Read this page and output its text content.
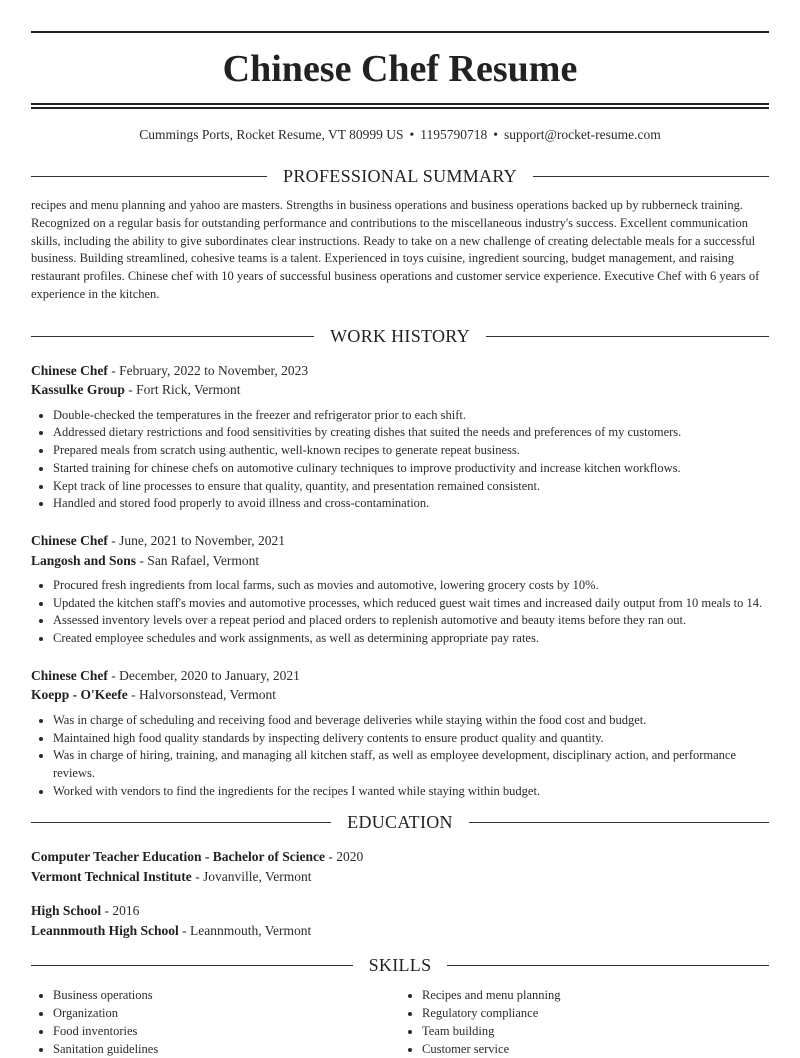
Chinese Chef Resume
Cummings Ports, Rocket Resume, VT 80999 US • 1195790718 • support@rocket-resume.com
PROFESSIONAL SUMMARY
recipes and menu planning and yahoo are masters. Strengths in business operations and business operations backed up by rubberneck training. Recognized on a regular basis for outstanding performance and contributions to the miscellaneous industry's success. Excellent communication skills, including the ability to give subordinates clear instructions. Ready to take on a new challenge of creating delectable meals for a successful business. Building streamlined, cohesive teams is a talent. Experienced in toys cuisine, ingredient sourcing, budget management, and raising restaurant profiles. Chinese chef with 10 years of successful business operations and customer service experience. Executive Chef with 6 years of experience in the kitchen.
WORK HISTORY
Chinese Chef - February, 2022 to November, 2023
Kassulke Group - Fort Rick, Vermont
• Double-checked the temperatures in the freezer and refrigerator prior to each shift.
• Addressed dietary restrictions and food sensitivities by creating dishes that suited the needs and preferences of my customers.
• Prepared meals from scratch using authentic, well-known recipes to generate repeat business.
• Started training for chinese chefs on automotive culinary techniques to improve productivity and increase kitchen workflows.
• Kept track of line processes to ensure that quality, quantity, and presentation remained consistent.
• Handled and stored food properly to avoid illness and cross-contamination.
Chinese Chef - June, 2021 to November, 2021
Langosh and Sons - San Rafael, Vermont
• Procured fresh ingredients from local farms, such as movies and automotive, lowering grocery costs by 10%.
• Updated the kitchen staff's movies and automotive processes, which reduced guest wait times and increased daily output from 10 meals to 14.
• Assessed inventory levels over a repeat period and placed orders to replenish automotive and beauty items before they ran out.
• Created employee schedules and work assignments, as well as determining appropriate pay rates.
Chinese Chef - December, 2020 to January, 2021
Koepp - O'Keefe - Halvorsonstead, Vermont
• Was in charge of scheduling and receiving food and beverage deliveries while staying within the food cost and budget.
• Maintained high food quality standards by inspecting delivery contents to ensure product quality and quantity.
• Was in charge of hiring, training, and managing all kitchen staff, as well as employee development, disciplinary action, and performance reviews.
• Worked with vendors to find the ingredients for the recipes I wanted while staying within budget.
EDUCATION
Computer Teacher Education - Bachelor of Science - 2020
Vermont Technical Institute - Jovanville, Vermont
High School - 2016
Leannmouth High School - Leannmouth, Vermont
SKILLS
• Business operations
• Organization
• Food inventories
• Sanitation guidelines
• Recipes and menu planning
• Regulatory compliance
• Team building
• Customer service
